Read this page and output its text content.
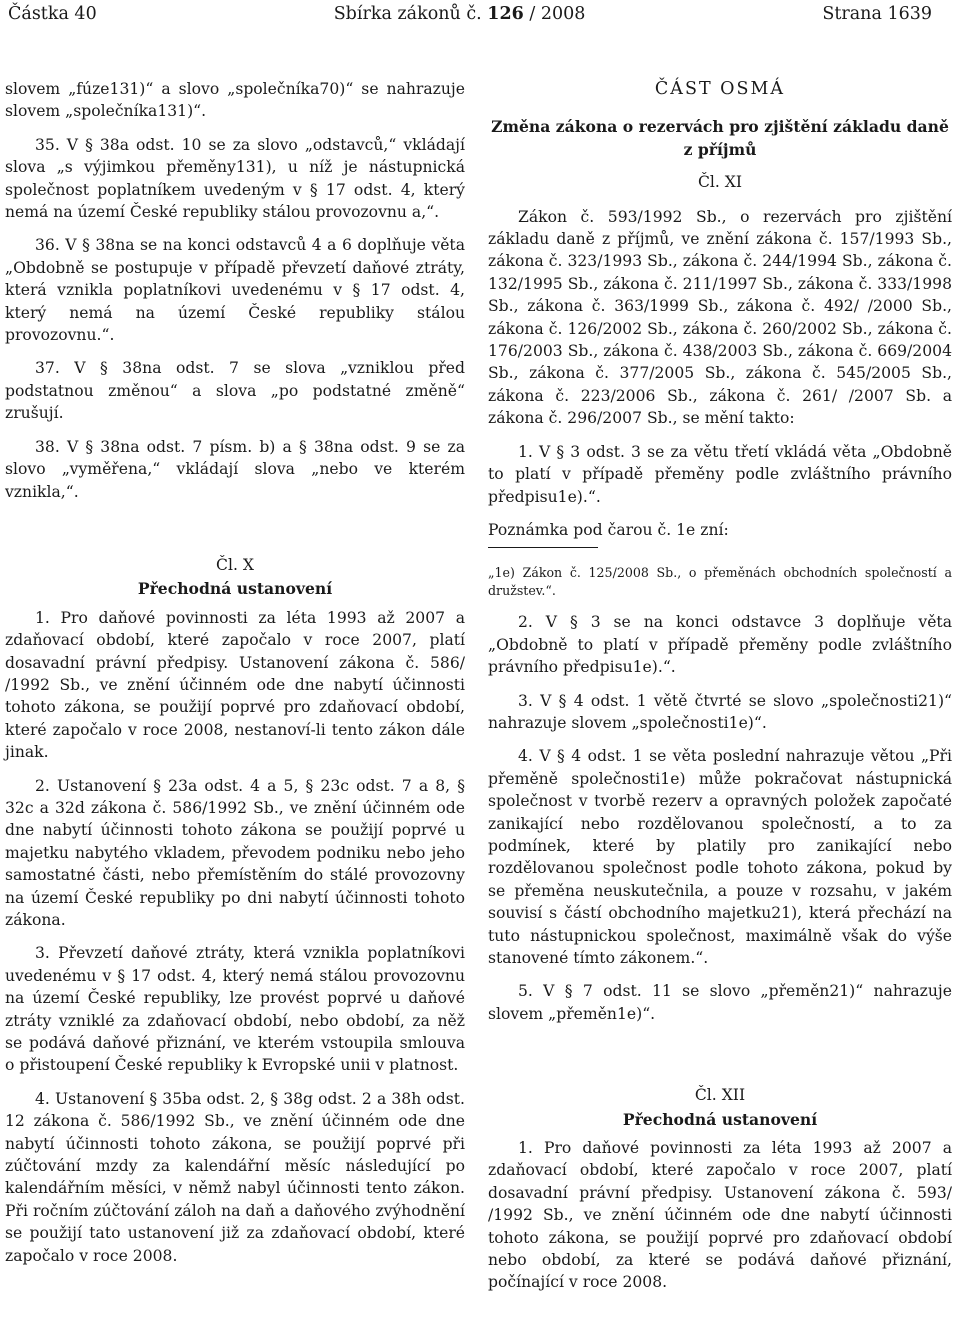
Částka 40	Sbírka zákonů č. 126 / 2008	Strana 1639

slovem „fúze131)“ a slovo „společníka70)“ se nahrazuje slovem „společníka131)“.

35. V § 38a odst. 10 se za slovo „odstavců,“ vkládají slova „s výjimkou přeměny131), u níž je nástupnická společnost poplatníkem uvedeným v § 17 odst. 4, který nemá na území České republiky stálou provozovnu a,“.

36. V § 38na se na konci odstavců 4 a 6 doplňuje věta „Obdobně se postupuje v případě převzetí daňové ztráty, která vznikla poplatníkovi uvedenému v § 17 odst. 4, který nemá na území České republiky stálou provozovnu.“.

37. V § 38na odst. 7 se slova „vzniklou před podstatnou změnou“ a slova „po podstatné změně“ zrušují.

38. V § 38na odst. 7 písm. b) a § 38na odst. 9 se za slovo „vyměřena,“ vkládají slova „nebo ve kterém vznikla,“.

Čl. X
Přechodná ustanovení

1. Pro daňové povinnosti za léta 1993 až 2007 a zdaňovací období, které započalo v roce 2007, platí dosavadní právní předpisy. Ustanovení zákona č. 586/ /1992 Sb., ve znění účinném ode dne nabytí účinnosti tohoto zákona, se použijí poprvé pro zdaňovací období, které započalo v roce 2008, nestanoví-li tento zákon dále jinak.

2. Ustanovení § 23a odst. 4 a 5, § 23c odst. 7 a 8, § 32c a 32d zákona č. 586/1992 Sb., ve znění účinném ode dne nabytí účinnosti tohoto zákona se použijí poprvé u majetku nabytého vkladem, převodem podniku nebo jeho samostatné části, nebo přemístěním do stálé provozovny na území České republiky po dni nabytí účinnosti tohoto zákona.

3. Převzetí daňové ztráty, která vznikla poplatníkovi uvedenému v § 17 odst. 4, který nemá stálou provozovnu na území České republiky, lze provést poprvé u daňové ztráty vzniklé za zdaňovací období, nebo období, za něž se podává daňové přiznání, ve kterém vstoupila smlouva o přistoupení České republiky k Evropské unii v platnost.

4. Ustanovení § 35ba odst. 2, § 38g odst. 2 a 38h odst. 12 zákona č. 586/1992 Sb., ve znění účinném ode dne nabytí účinnosti tohoto zákona, se použijí poprvé při zúčtování mzdy za kalendářní měsíc následující po kalendářním měsíci, v němž nabyl účinnosti tento zákon. Při ročním zúčtování záloh na daň a daňového zvýhodnění se použijí tato ustanovení již za zdaňovací období, které započalo v roce 2008.

ČÁST OSMÁ
Změna zákona o rezervách pro zjištění základu daně z příjmů
Čl. XI

Zákon č. 593/1992 Sb., o rezervách pro zjištění základu daně z příjmů, ve znění zákona č. 157/1993 Sb., zákona č. 323/1993 Sb., zákona č. 244/1994 Sb., zákona č. 132/1995 Sb., zákona č. 211/1997 Sb., zákona č. 333/1998 Sb., zákona č. 363/1999 Sb., zákona č. 492/ /2000 Sb., zákona č. 126/2002 Sb., zákona č. 260/2002 Sb., zákona č. 176/2003 Sb., zákona č. 438/2003 Sb., zákona č. 669/2004 Sb., zákona č. 377/2005 Sb., zákona č. 545/2005 Sb., zákona č. 223/2006 Sb., zákona č. 261/ /2007 Sb. a zákona č. 296/2007 Sb., se mění takto:

1. V § 3 odst. 3 se za větu třetí vkládá věta „Obdobně to platí v případě přeměny podle zvláštního právního předpisu1e).“.

Poznámka pod čarou č. 1e zní:

„1e) Zákon č. 125/2008 Sb., o přeměnách obchodních společností a družstev.“.

2. V § 3 se na konci odstavce 3 doplňuje věta „Obdobně to platí v případě přeměny podle zvláštního právního předpisu1e).“.

3. V § 4 odst. 1 větě čtvrté se slovo „společnosti21)“ nahrazuje slovem „společnosti1e)“.

4. V § 4 odst. 1 se věta poslední nahrazuje větou „Při přeměně společnosti1e) může pokračovat nástupnická společnost v tvorbě rezerv a opravných položek započaté zanikající nebo rozdělovanou společností, a to za podmínek, které by platily pro zanikající nebo rozdělovanou společnost podle tohoto zákona, pokud by se přeměna neuskutečnila, a pouze v rozsahu, v jakém souvisí s částí obchodního majetku21), která přechází na tuto nástupnickou společnost, maximálně však do výše stanovené tímto zákonem.“.

5. V § 7 odst. 11 se slovo „přeměn21)“ nahrazuje slovem „přeměn1e)“.

Čl. XII
Přechodná ustanovení

1. Pro daňové povinnosti za léta 1993 až 2007 a zdaňovací období, které započalo v roce 2007, platí dosavadní právní předpisy. Ustanovení zákona č. 593/ /1992 Sb., ve znění účinném ode dne nabytí účinnosti tohoto zákona, se použijí poprvé pro zdaňovací období nebo období, za které se podává daňové přiznání, počínající v roce 2008.
